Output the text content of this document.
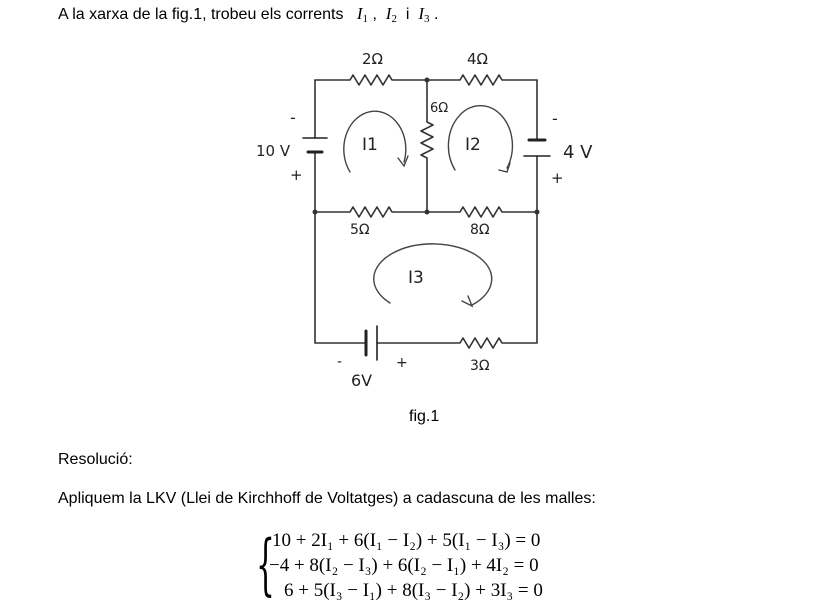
A la xarxa de la fig.1, trobeu els corrents $I_1$ , $I_2$ i $I_3$ .
2Ω	4Ω
6Ω
5Ω	8Ω
3Ω
10 V	4 V
6V
-
+
-
+
-	+
I1	I2
I3
fig.1
Resolució:
Apliquem la LKV (Llei de Kirchhoff de Voltatges) a cadascuna de les malles:
{
10 + 2I₁ + 6(I₁ − I₂) + 5(I₁ − I₃) = 0
−4 + 8(I₂ − I₃) + 6(I₂ − I₁) + 4I₂ = 0
6 + 5(I₃ − I₁) + 8(I₃ − I₂) + 3I₃ = 0
